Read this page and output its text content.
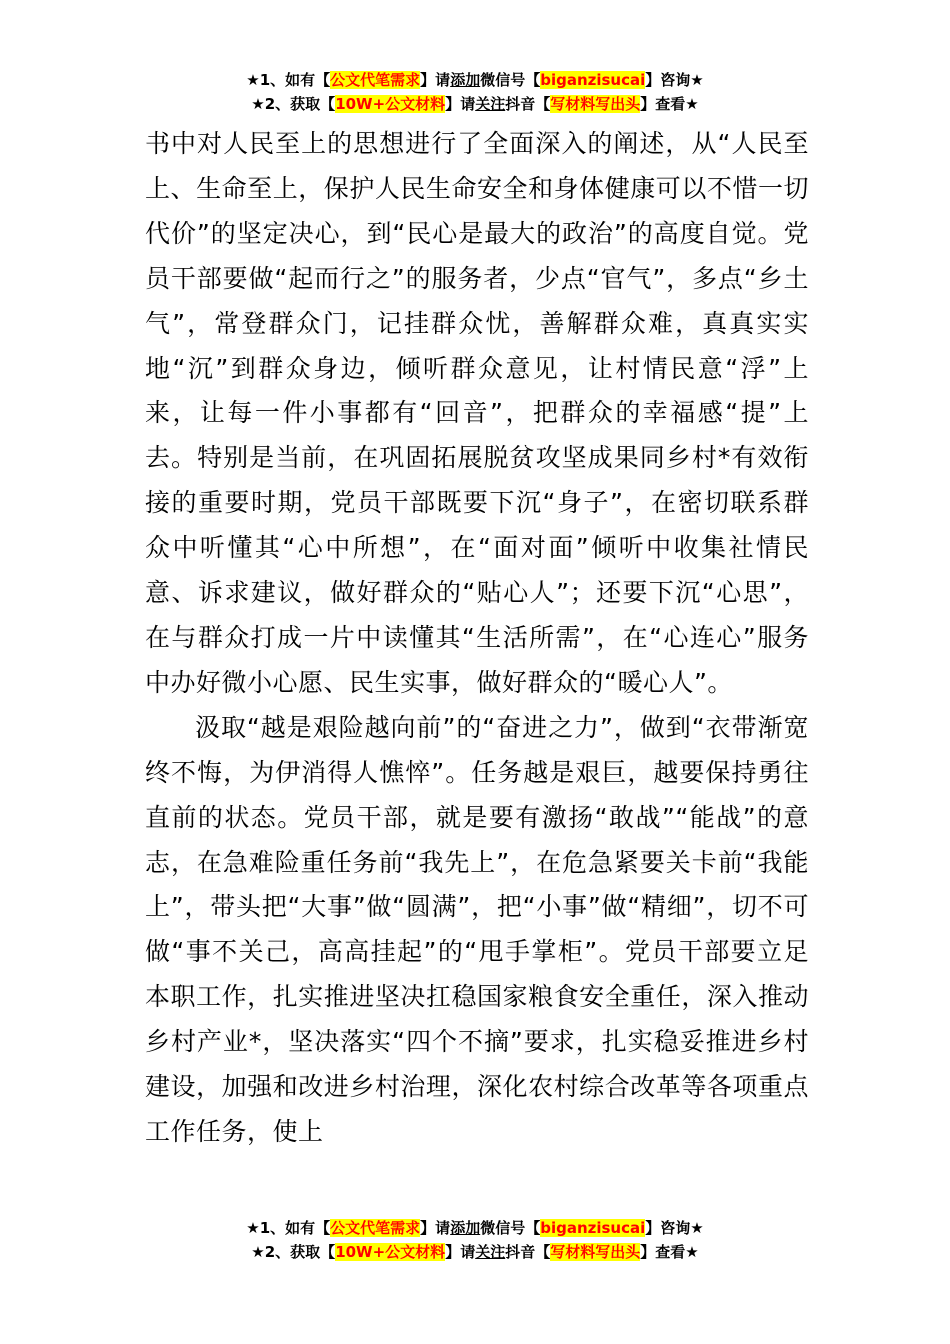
★1、如有【公文代笔需求】请添加微信号【biganzisucai】咨询★
★2、获取【10W+公文材料】请关注抖音【写材料写出头】查看★

书中对人民至上的思想进行了全面深入的阐述，从“人民至上、生命至上，保护人民生命安全和身体健康可以不惜一切代价”的坚定决心，到“民心是最大的政治”的高度自觉。党员干部要做“起而行之”的服务者，少点“官气”，多点“乡土气”，常登群众门，记挂群众忧，善解群众难，真真实实地“沉”到群众身边，倾听群众意见，让村情民意“浮”上来，让每一件小事都有“回音”，把群众的幸福感“提”上去。特别是当前，在巩固拓展脱贫攻坚成果同乡村*有效衔接的重要时期，党员干部既要下沉“身子”，在密切联系群众中听懂其“心中所想”，在“面对面”倾听中收集社情民意、诉求建议，做好群众的“贴心人”；还要下沉“心思”，在与群众打成一片中读懂其“生活所需”，在“心连心”服务中办好微小心愿、民生实事，做好群众的“暖心人”。

汲取“越是艰险越向前”的“奋进之力”，做到“衣带渐宽终不悔，为伊消得人憔悴”。任务越是艰巨，越要保持勇往直前的状态。党员干部，就是要有激扬“敢战”“能战”的意志，在急难险重任务前“我先上”，在危急紧要关卡前“我能上”，带头把“大事”做“圆满”，把“小事”做“精细”，切不可做“事不关己，高高挂起”的“甩手掌柜”。党员干部要立足本职工作，扎实推进坚决扛稳国家粮食安全重任，深入推动乡村产业*，坚决落实“四个不摘”要求，扎实稳妥推进乡村建设，加强和改进乡村治理，深化农村综合改革等各项重点工作任务，使上

★1、如有【公文代笔需求】请添加微信号【biganzisucai】咨询★
★2、获取【10W+公文材料】请关注抖音【写材料写出头】查看★
